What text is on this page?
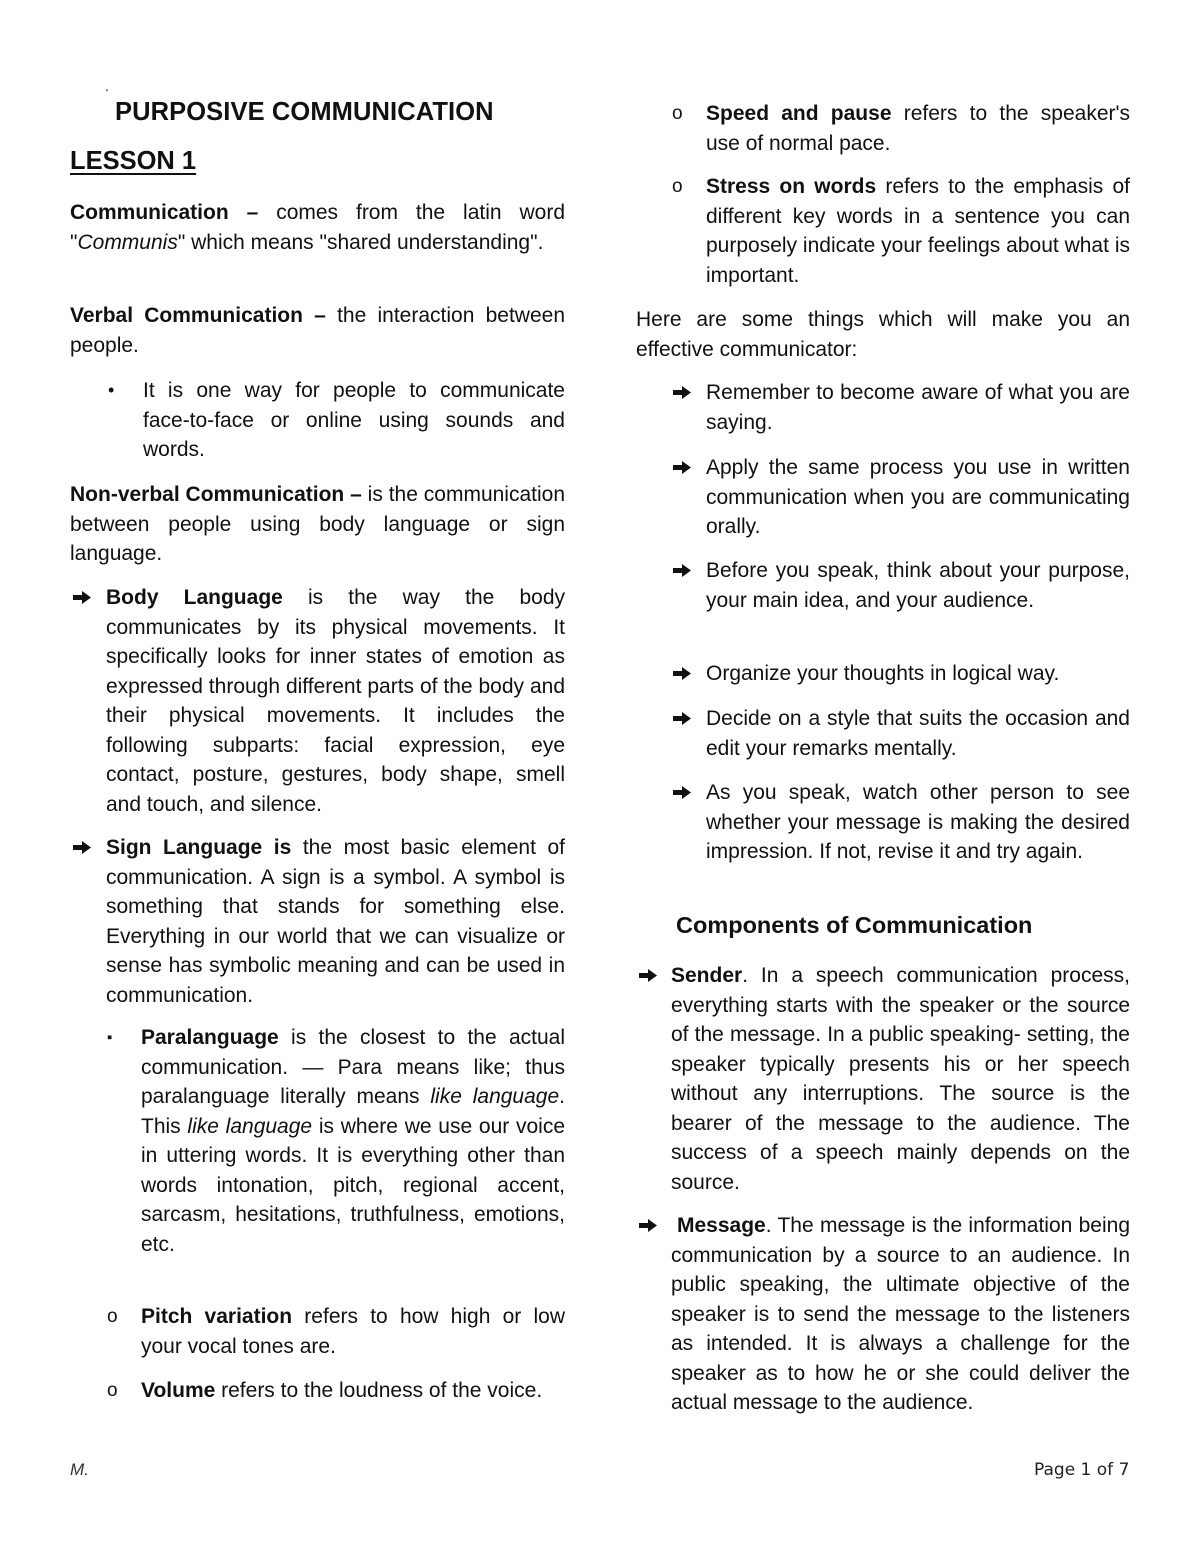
.
PURPOSIVE COMMUNICATION
LESSON 1

Communication – comes from the latin word "Communis" which means "shared understanding".

Verbal Communication – the interaction between people.

• It is one way for people to communicate face-to-face or online using sounds and words.

Non-verbal Communication – is the communication between people using body language or sign language.

Body Language is the way the body communicates by its physical movements. It specifically looks for inner states of emotion as expressed through different parts of the body and their physical movements. It includes the following subparts: facial expression, eye contact, posture, gestures, body shape, smell and touch, and silence.

Sign Language is the most basic element of communication. A sign is a symbol. A symbol is something that stands for something else. Everything in our world that we can visualize or sense has symbolic meaning and can be used in communication.

▪ Paralanguage is the closest to the actual communication. — Para means like; thus paralanguage literally means like language. This like language is where we use our voice in uttering words. It is everything other than words intonation, pitch, regional accent, sarcasm, hesitations, truthfulness, emotions, etc.

o Pitch variation refers to how high or low your vocal tones are.

o Volume refers to the loudness of the voice.

o Speed and pause refers to the speaker's use of normal pace.

o Stress on words refers to the emphasis of different key words in a sentence you can purposely indicate your feelings about what is important.

Here are some things which will make you an effective communicator:

Remember to become aware of what you are saying.

Apply the same process you use in written communication when you are communicating orally.

Before you speak, think about your purpose, your main idea, and your audience.

Organize your thoughts in logical way.

Decide on a style that suits the occasion and edit your remarks mentally.

As you speak, watch other person to see whether your message is making the desired impression. If not, revise it and try again.

Components of Communication

Sender. In a speech communication process, everything starts with the speaker or the source of the message. In a public speaking- setting, the speaker typically presents his or her speech without any interruptions. The source is the bearer of the message to the audience. The success of a speech mainly depends on the source.

Message. The message is the information being communication by a source to an audience. In public speaking, the ultimate objective of the speaker is to send the message to the listeners as intended. It is always a challenge for the speaker as to how he or she could deliver the actual message to the audience.

M.	Page 1 of 7
